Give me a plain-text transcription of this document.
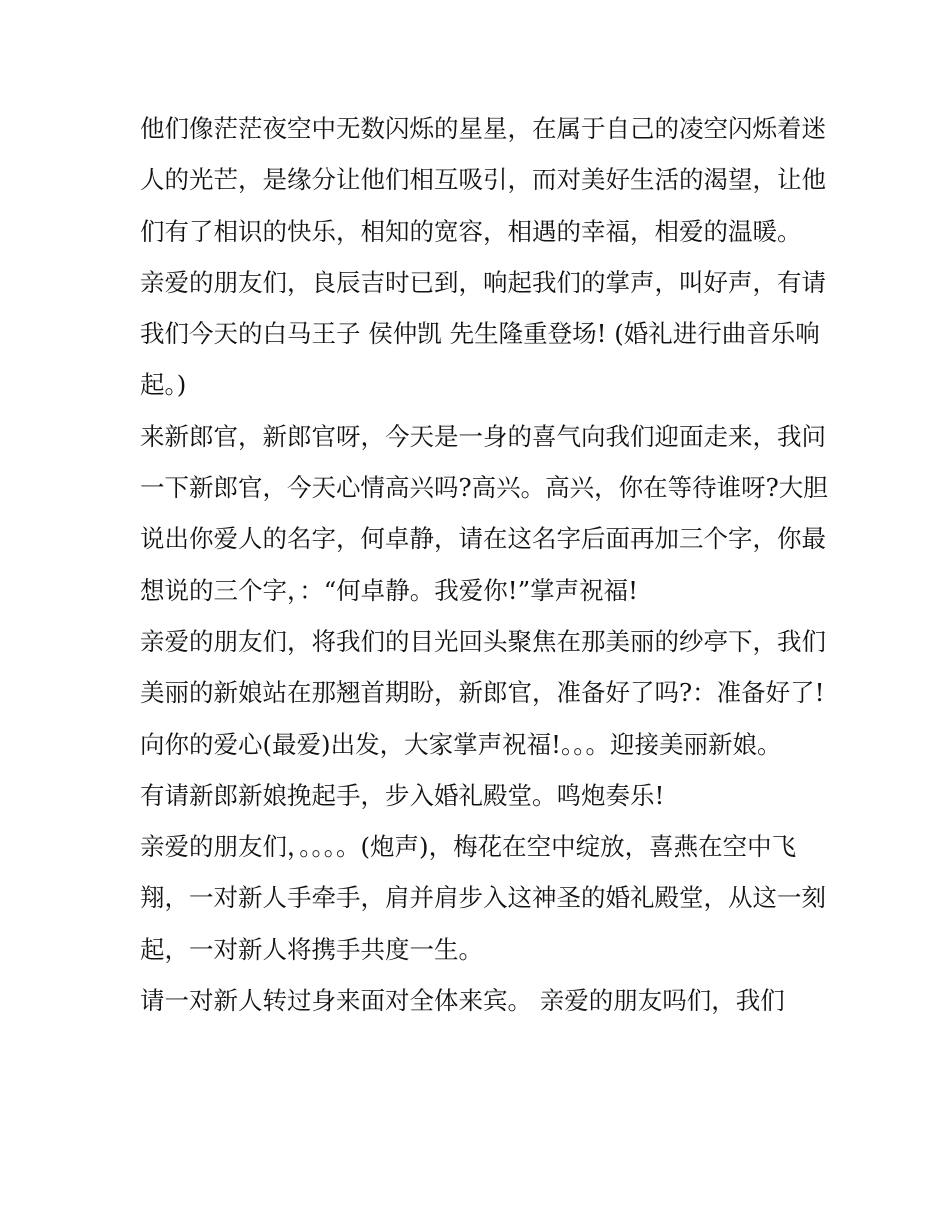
他们像茫茫夜空中无数闪烁的星星，在属于自己的凌空闪烁着迷人的光芒，是缘分让他们相互吸引，而对美好生活的渴望，让他们有了相识的快乐，相知的宽容，相遇的幸福，相爱的温暖。

亲爱的朋友们，良辰吉时已到，响起我们的掌声，叫好声，有请我们今天的白马王子 侯仲凯 先生隆重登场! (婚礼进行曲音乐响起。)

来新郎官，新郎官呀，今天是一身的喜气向我们迎面走来，我问一下新郎官，今天心情高兴吗?高兴。高兴，你在等待谁呀?大胆说出你爱人的名字，何卓静，请在这名字后面再加三个字，你最想说的三个字，：“何卓静。我爱你!”掌声祝福!

亲爱的朋友们，将我们的目光回头聚焦在那美丽的纱亭下，我们美丽的新娘站在那翘首期盼，新郎官，准备好了吗?：准备好了!向你的爱心(最爱)出发，大家掌声祝福!。。。迎接美丽新娘。

有请新郎新娘挽起手，步入婚礼殿堂。鸣炮奏乐!

亲爱的朋友们，。。。。(炮声)，梅花在空中绽放，喜燕在空中飞翔，一对新人手牵手，肩并肩步入这神圣的婚礼殿堂，从这一刻起，一对新人将携手共度一生。

请一对新人转过身来面对全体来宾。 亲爱的朋友吗们，我们
